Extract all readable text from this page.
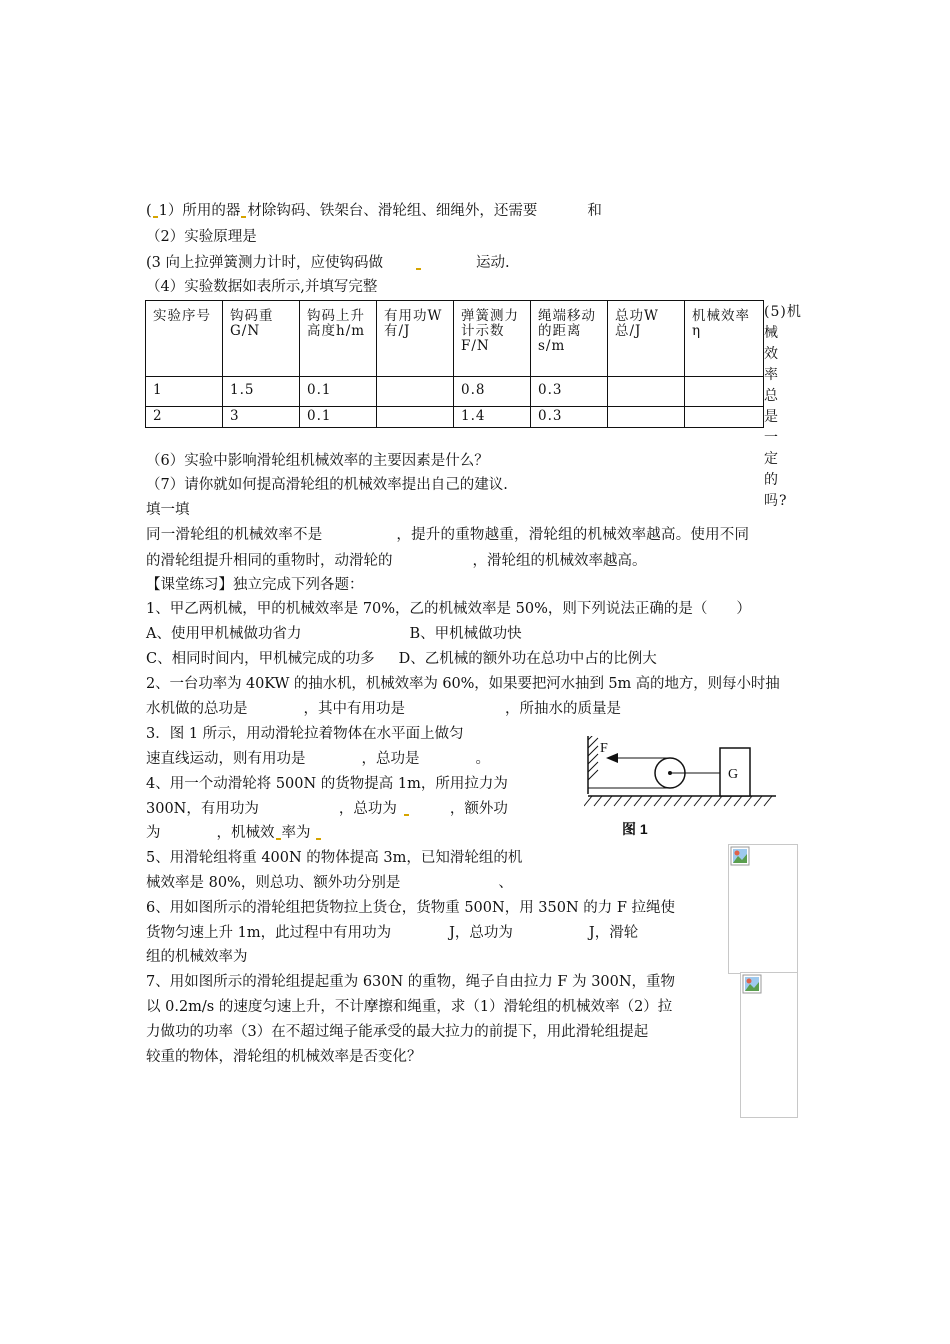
( 1）所用的器 材除钩码、铁架台、滑轮组、细绳外，还需要	和
（2）实验原理是
(3 向上拉弹簧测力计时，应使钩码做	运动.
（4）实验数据如表所示,并填写完整
实验序号	钩码重G/N	钩码上升高度h/m	有用功W有/J	弹簧测力计示数F/N	绳端移动的距离s/m	总功W总/J	机械效率η
1	1.5	0.1		0.8	0.3		
2	3	0.1		1.4	0.3		
(5)机
械　效
率　总
是　一
定　的
吗?
（6）实验中影响滑轮组机械效率的主要因素是什么？
（7）请你就如何提高滑轮组的机械效率提出自己的建议.
填一填
同一滑轮组的机械效率不是	，提升的重物越重，滑轮组的机械效率越高。使用不同
的滑轮组提升相同的重物时，动滑轮的	，滑轮组的机械效率越高。
【课堂练习】独立完成下列各题：
1、甲乙两机械，甲的机械效率是 70%，乙的机械效率是 50%，则下列说法正确的是（　　）
A、使用甲机械做功省力	B、甲机械做功快
C、相同时间内，甲机械完成的功多 D、乙机械的额外功在总功中占的比例大
2、一台功率为 40KW 的抽水机，机械效率为 60%，如果要把河水抽到 5m 高的地方，则每小时抽
水机做的总功是	，其中有用功是	，所抽水的质量是
3．图 1 所示，用动滑轮拉着物体在水平面上做匀
速直线运动，则有用功是	，总功是	。
4、用一个动滑轮将 500N 的货物提高 1m，所用拉力为
300N，有用功为	，总功为	，额外功
为	，机械效 率为
5、用滑轮组将重 400N 的物体提高 3m，已知滑轮组的机
械效率是 80%，则总功、额外功分别是	、
6、用如图所示的滑轮组把货物拉上货仓，货物重 500N，用 350N 的力 F 拉绳使
货物匀速上升 1m，此过程中有用功为	J，总功为	J，滑轮
组的机械效率为
7、用如图所示的滑轮组提起重为 630N 的重物，绳子自由拉力 F 为 300N，重物
以 0.2m/s 的速度匀速上升，不计摩擦和绳重，求（1）滑轮组的机械效率（2）拉
力做功的功率（3）在不超过绳子能承受的最大拉力的前提下，用此滑轮组提起
较重的物体，滑轮组的机械效率是否变化？
F
G
图 1
